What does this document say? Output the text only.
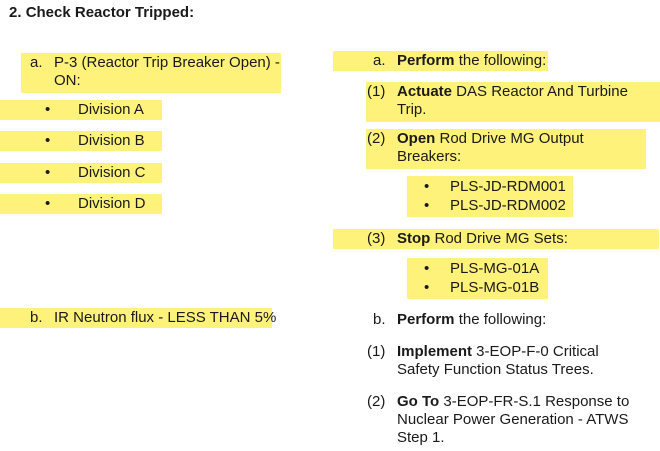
2. Check Reactor Tripped:
a. P-3 (Reactor Trip Breaker Open) -
ON:
• Division A
• Division B
• Division C
• Division D
b. IR Neutron flux - LESS THAN 5%
a. Perform the following:
(1) Actuate DAS Reactor And Turbine
Trip.
(2) Open Rod Drive MG Output
Breakers:
• PLS-JD-RDM001
• PLS-JD-RDM002
(3) Stop Rod Drive MG Sets:
• PLS-MG-01A
• PLS-MG-01B
b. Perform the following:
(1) Implement 3-EOP-F-0 Critical
Safety Function Status Trees.
(2) Go To 3-EOP-FR-S.1 Response to
Nuclear Power Generation - ATWS
Step 1.
